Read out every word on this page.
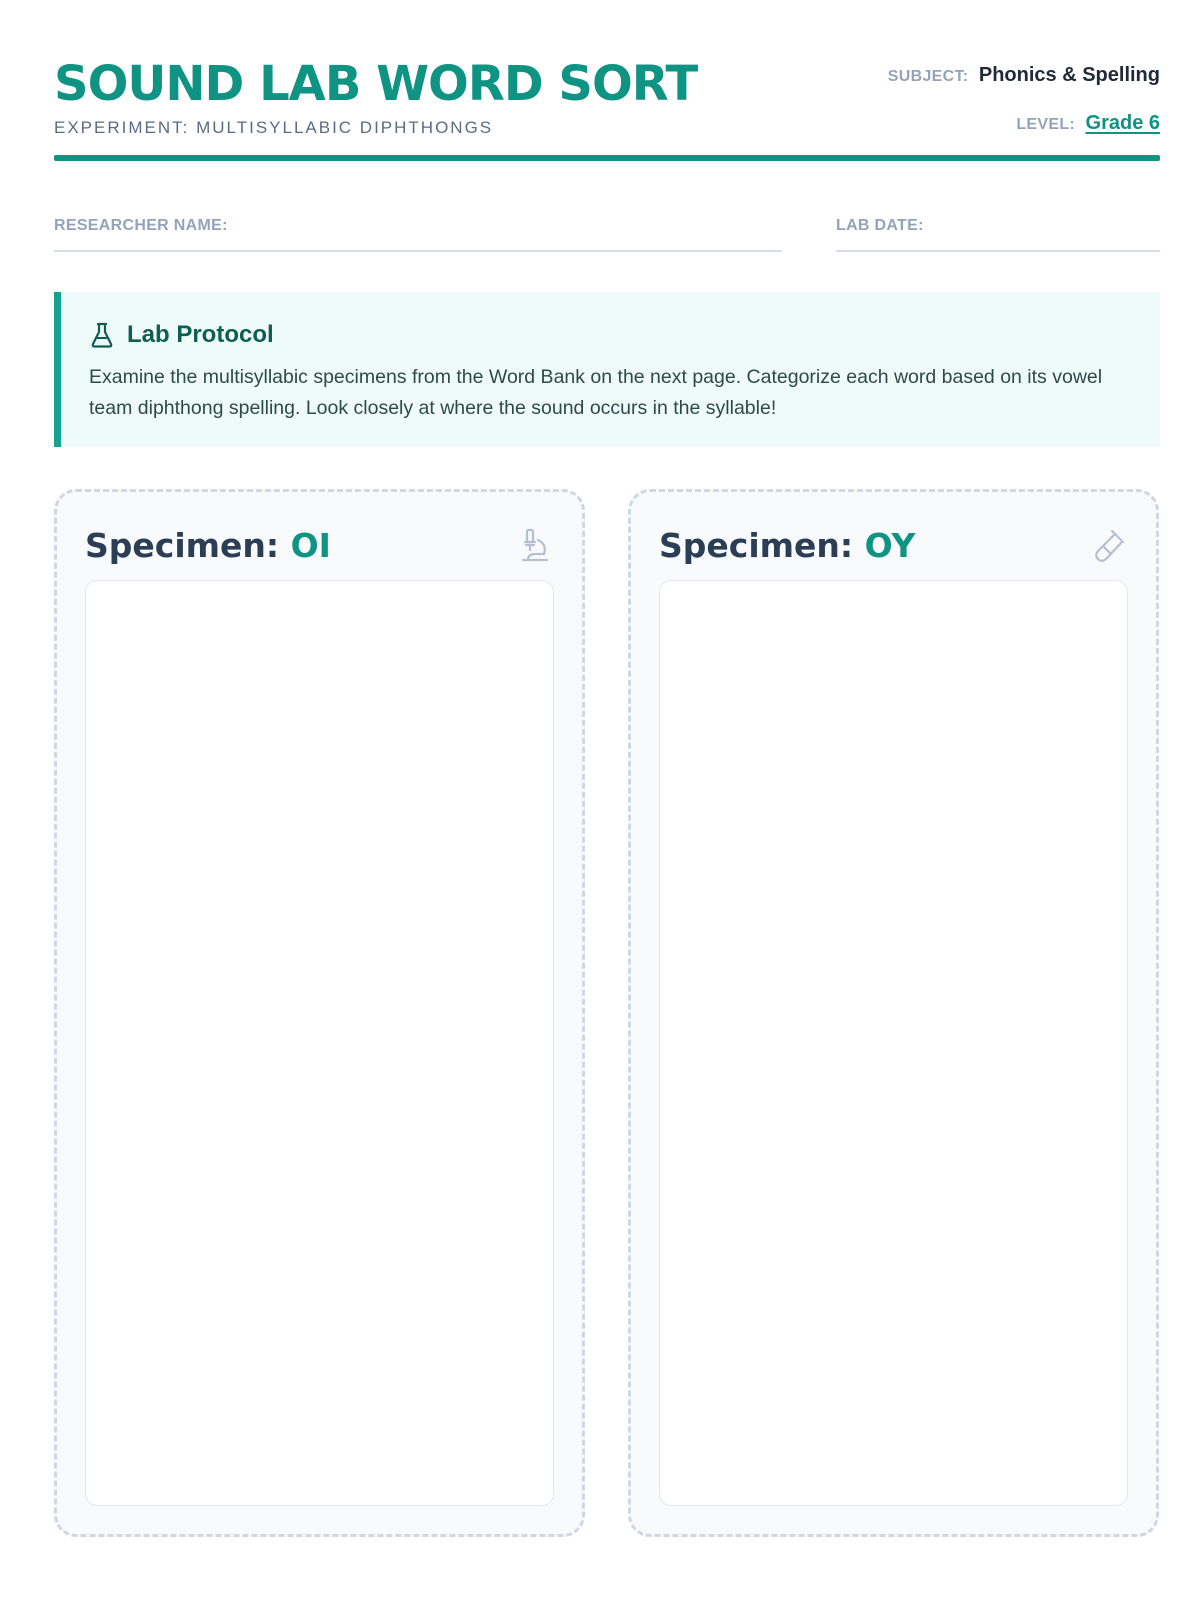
SOUND LAB WORD SORT
EXPERIMENT: MULTISYLLABIC DIPHTHONGS
SUBJECT: Phonics & Spelling
LEVEL: Grade 6
RESEARCHER NAME:	LAB DATE:
Lab Protocol

Examine the multisyllabic specimens from the Word Bank on the next page. Categorize each word based on its vowel team diphthong spelling. Look closely at where the sound occurs in the syllable!

Specimen: OI	Specimen: OY
